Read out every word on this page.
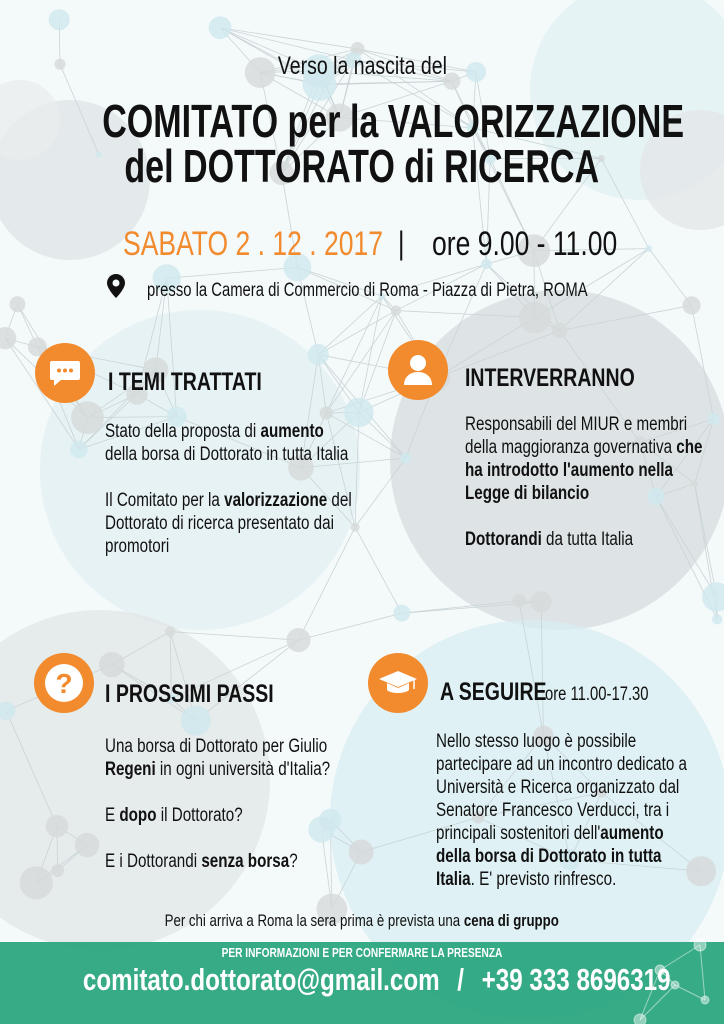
Verso la nascita del
COMITATO per la VALORIZZAZIONE
del DOTTORATO di RICERCA
SABATO 2 . 12 . 2017 | ore 9.00 - 11.00
presso la Camera di Commercio di Roma - Piazza di Pietra, ROMA
I TEMI TRATTATI
Stato della proposta di aumento
della borsa di Dottorato in tutta Italia
Il Comitato per la valorizzazione del
Dottorato di ricerca presentato dai
promotori
INTERVERRANNO
Responsabili del MIUR e membri
della maggioranza governativa che
ha introdotto l'aumento nella
Legge di bilancio
Dottorandi da tutta Italia
? I PROSSIMI PASSI
Una borsa di Dottorato per Giulio
Regeni in ogni università d'Italia?
E dopo il Dottorato?
E i Dottorandi senza borsa?
A SEGUIRE
ore 11.00-17.30
Nello stesso luogo è possibile
partecipare ad un incontro dedicato a
Università e Ricerca organizzato dal
Senatore Francesco Verducci, tra i
principali sostenitori dell'aumento
della borsa di Dottorato in tutta
Italia. E' previsto rinfresco.
Per chi arriva a Roma la sera prima è prevista una cena di gruppo
PER INFORMAZIONI E PER CONFERMARE LA PRESENZA
comitato.dottorato@gmail.com / +39 333 8696319
